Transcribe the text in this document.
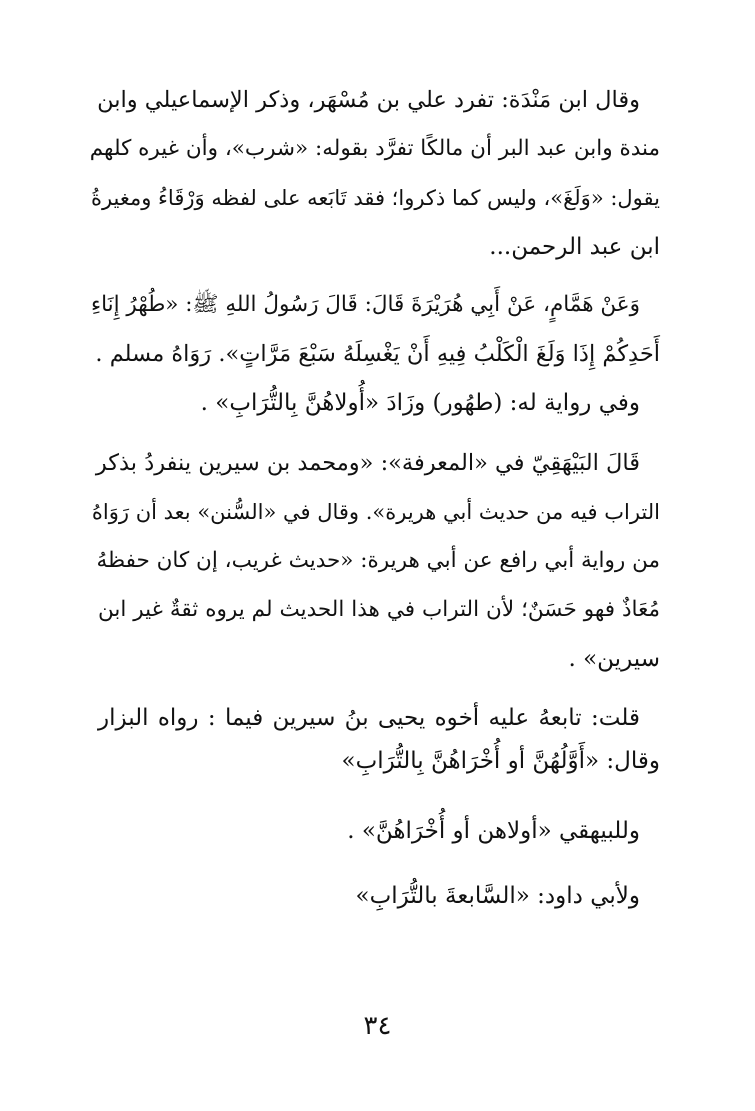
وقال ابن مَنْدَة: تفرد علي بن مُسْهَر، وذكر الإسماعيلي وابن
مندة وابن عبد البر أن مالكًا تفرَّد بقوله: «شرب»، وأن غيره كلهم
يقول: «وَلَغَ»، وليس كما ذكروا؛ فقد تَابَعه على لفظه وَرْقَاءُ ومغيرةُ
ابن عبد الرحمن...
وَعَنْ هَمَّامٍ، عَنْ أَبِي هُرَيْرَةَ قَالَ: قَالَ رَسُولُ اللهِ ﷺ: «طُهْرُ إِنَاءِ
أَحَدِكُمْ إِذَا وَلَغَ الْكَلْبُ فِيهِ أَنْ يَغْسِلَهُ سَبْعَ مَرَّاتٍ». رَوَاهُ مسلم .
وفي رواية له: (طهُور) وزَادَ «أُولاهُنَّ بِالتُّرَابِ» .
قَالَ البَيْهَقِيّ في «المعرفة»: «ومحمد بن سيرين ينفردُ بذكر
التراب فيه من حديث أبي هريرة». وقال في «السُّنن» بعد أن رَوَاهُ
من رواية أبي رافع عن أبي هريرة: «حديث غريب، إن كان حفظهُ
مُعَاذٌ فهو حَسَنٌ؛ لأن التراب في هذا الحديث لم يروه ثقةٌ غير ابن
سيرين» .
قلت: تابعهُ عليه أخوه يحيى بنُ سيرين فيما : رواه البزار
وقال: «أَوَّلُهُنَّ أو أُخْرَاهُنَّ بِالتُّرَابِ»
وللبيهقي «أولاهن أو أُخْرَاهُنَّ» .
ولأبي داود: «السَّابعةَ بالتُّرَابِ»
٣٤
